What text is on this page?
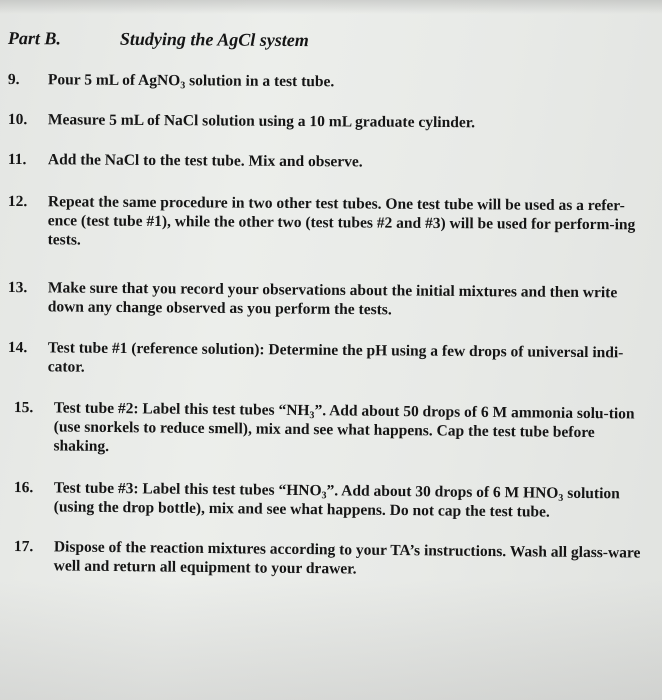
Part B.	Studying the AgCl system
9.	Pour 5 mL of AgNO$_3$ solution in a test tube.
10.	Measure 5 mL of NaCl solution using a 10 mL graduate cylinder.
11.	Add the NaCl to the test tube. Mix and observe.
12.	Repeat the same procedure in two other test tubes. One test tube will be used as a refer-ence (test tube #1), while the other two (test tubes #2 and #3) will be used for perform-ing tests.
13.	Make sure that you record your observations about the initial mixtures and then write down any change observed as you perform the tests.
14.	Test tube #1 (reference solution): Determine the pH using a few drops of universal indi-cator.
15.	Test tube #2: Label this test tubes “$NH_3$”. Add about 50 drops of 6 M ammonia solu-tion (use snorkels to reduce smell), mix and see what happens. Cap the test tube before shaking.
16.	Test tube #3: Label this test tubes “$HNO_3$”. Add about 30 drops of 6 M $HNO_3$ solution (using the drop bottle), mix and see what happens. Do not cap the test tube.
17.	Dispose of the reaction mixtures according to your TA’s instructions. Wash all glass-ware well and return all equipment to your drawer.
